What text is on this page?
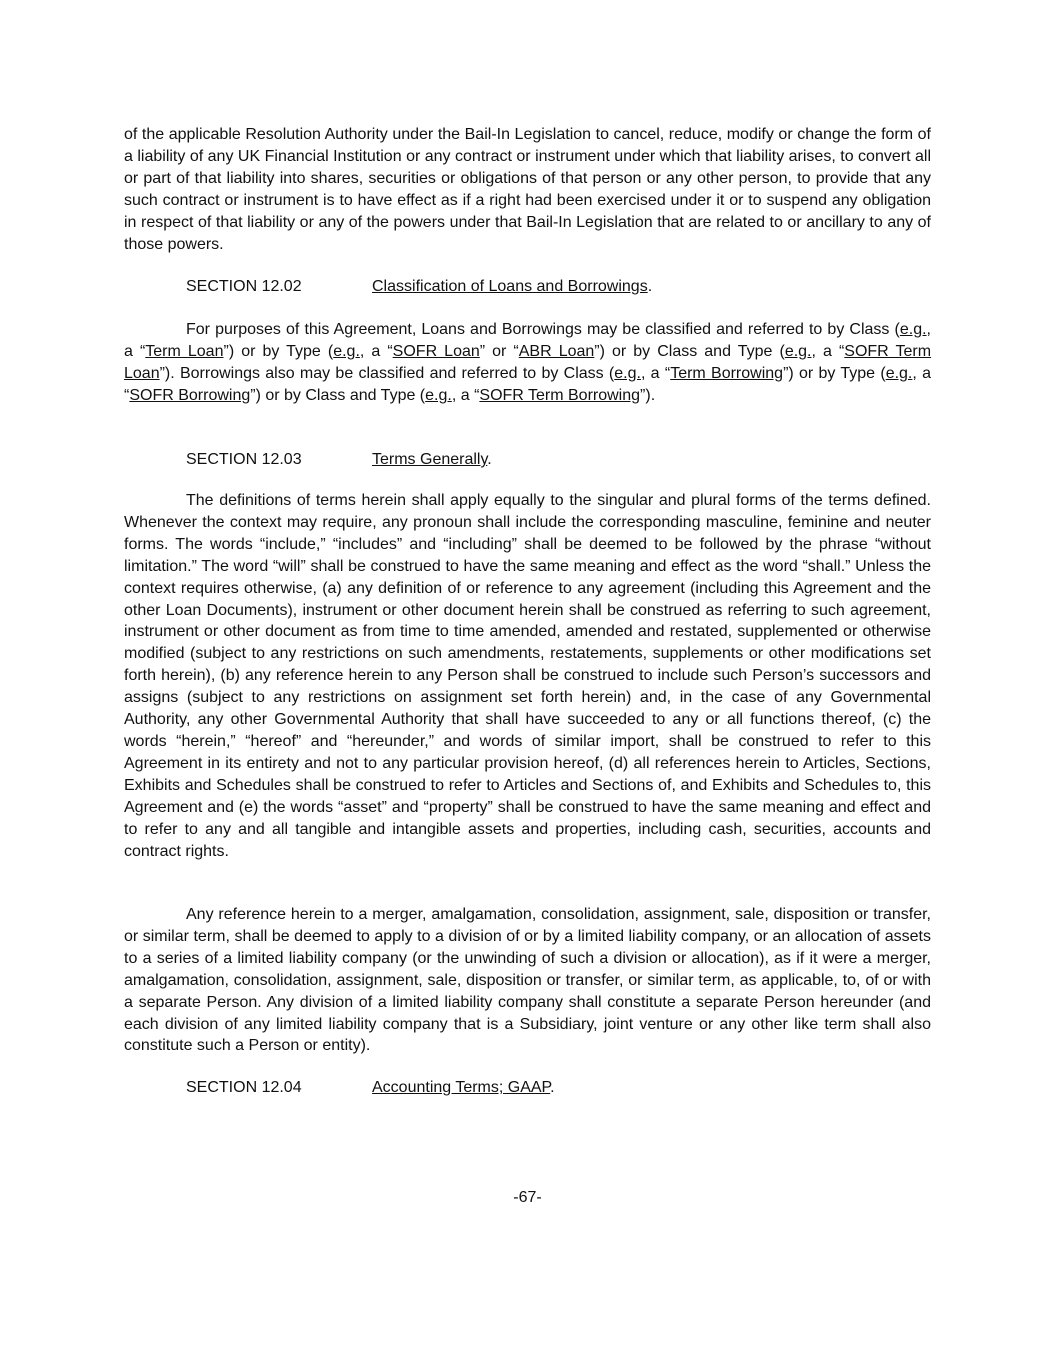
of the applicable Resolution Authority under the Bail-In Legislation to cancel, reduce, modify or change the form of a liability of any UK Financial Institution or any contract or instrument under which that liability arises, to convert all or part of that liability into shares, securities or obligations of that person or any other person, to provide that any such contract or instrument is to have effect as if a right had been exercised under it or to suspend any obligation in respect of that liability or any of the powers under that Bail-In Legislation that are related to or ancillary to any of those powers.

SECTION 12.02	Classification of Loans and Borrowings.

For purposes of this Agreement, Loans and Borrowings may be classified and referred to by Class (e.g., a “Term Loan”) or by Type (e.g., a “SOFR Loan” or “ABR Loan”) or by Class and Type (e.g., a “SOFR Term Loan”). Borrowings also may be classified and referred to by Class (e.g., a “Term Borrowing”) or by Type (e.g., a “SOFR Borrowing”) or by Class and Type (e.g., a “SOFR Term Borrowing”).

SECTION 12.03	Terms Generally.

The definitions of terms herein shall apply equally to the singular and plural forms of the terms defined. Whenever the context may require, any pronoun shall include the corresponding masculine, feminine and neuter forms. The words “include,” “includes” and “including” shall be deemed to be followed by the phrase “without limitation.” The word “will” shall be construed to have the same meaning and effect as the word “shall.” Unless the context requires otherwise, (a) any definition of or reference to any agreement (including this Agreement and the other Loan Documents), instrument or other document herein shall be construed as referring to such agreement, instrument or other document as from time to time amended, amended and restated, supplemented or otherwise modified (subject to any restrictions on such amendments, restatements, supplements or other modifications set forth herein), (b) any reference herein to any Person shall be construed to include such Person’s successors and assigns (subject to any restrictions on assignment set forth herein) and, in the case of any Governmental Authority, any other Governmental Authority that shall have succeeded to any or all functions thereof, (c) the words “herein,” “hereof” and “hereunder,” and words of similar import, shall be construed to refer to this Agreement in its entirety and not to any particular provision hereof, (d) all references herein to Articles, Sections, Exhibits and Schedules shall be construed to refer to Articles and Sections of, and Exhibits and Schedules to, this Agreement and (e) the words “asset” and “property” shall be construed to have the same meaning and effect and to refer to any and all tangible and intangible assets and properties, including cash, securities, accounts and contract rights.

Any reference herein to a merger, amalgamation, consolidation, assignment, sale, disposition or transfer, or similar term, shall be deemed to apply to a division of or by a limited liability company, or an allocation of assets to a series of a limited liability company (or the unwinding of such a division or allocation), as if it were a merger, amalgamation, consolidation, assignment, sale, disposition or transfer, or similar term, as applicable, to, of or with a separate Person. Any division of a limited liability company shall constitute a separate Person hereunder (and each division of any limited liability company that is a Subsidiary, joint venture or any other like term shall also constitute such a Person or entity).

SECTION 12.04	Accounting Terms; GAAP.

-67-
